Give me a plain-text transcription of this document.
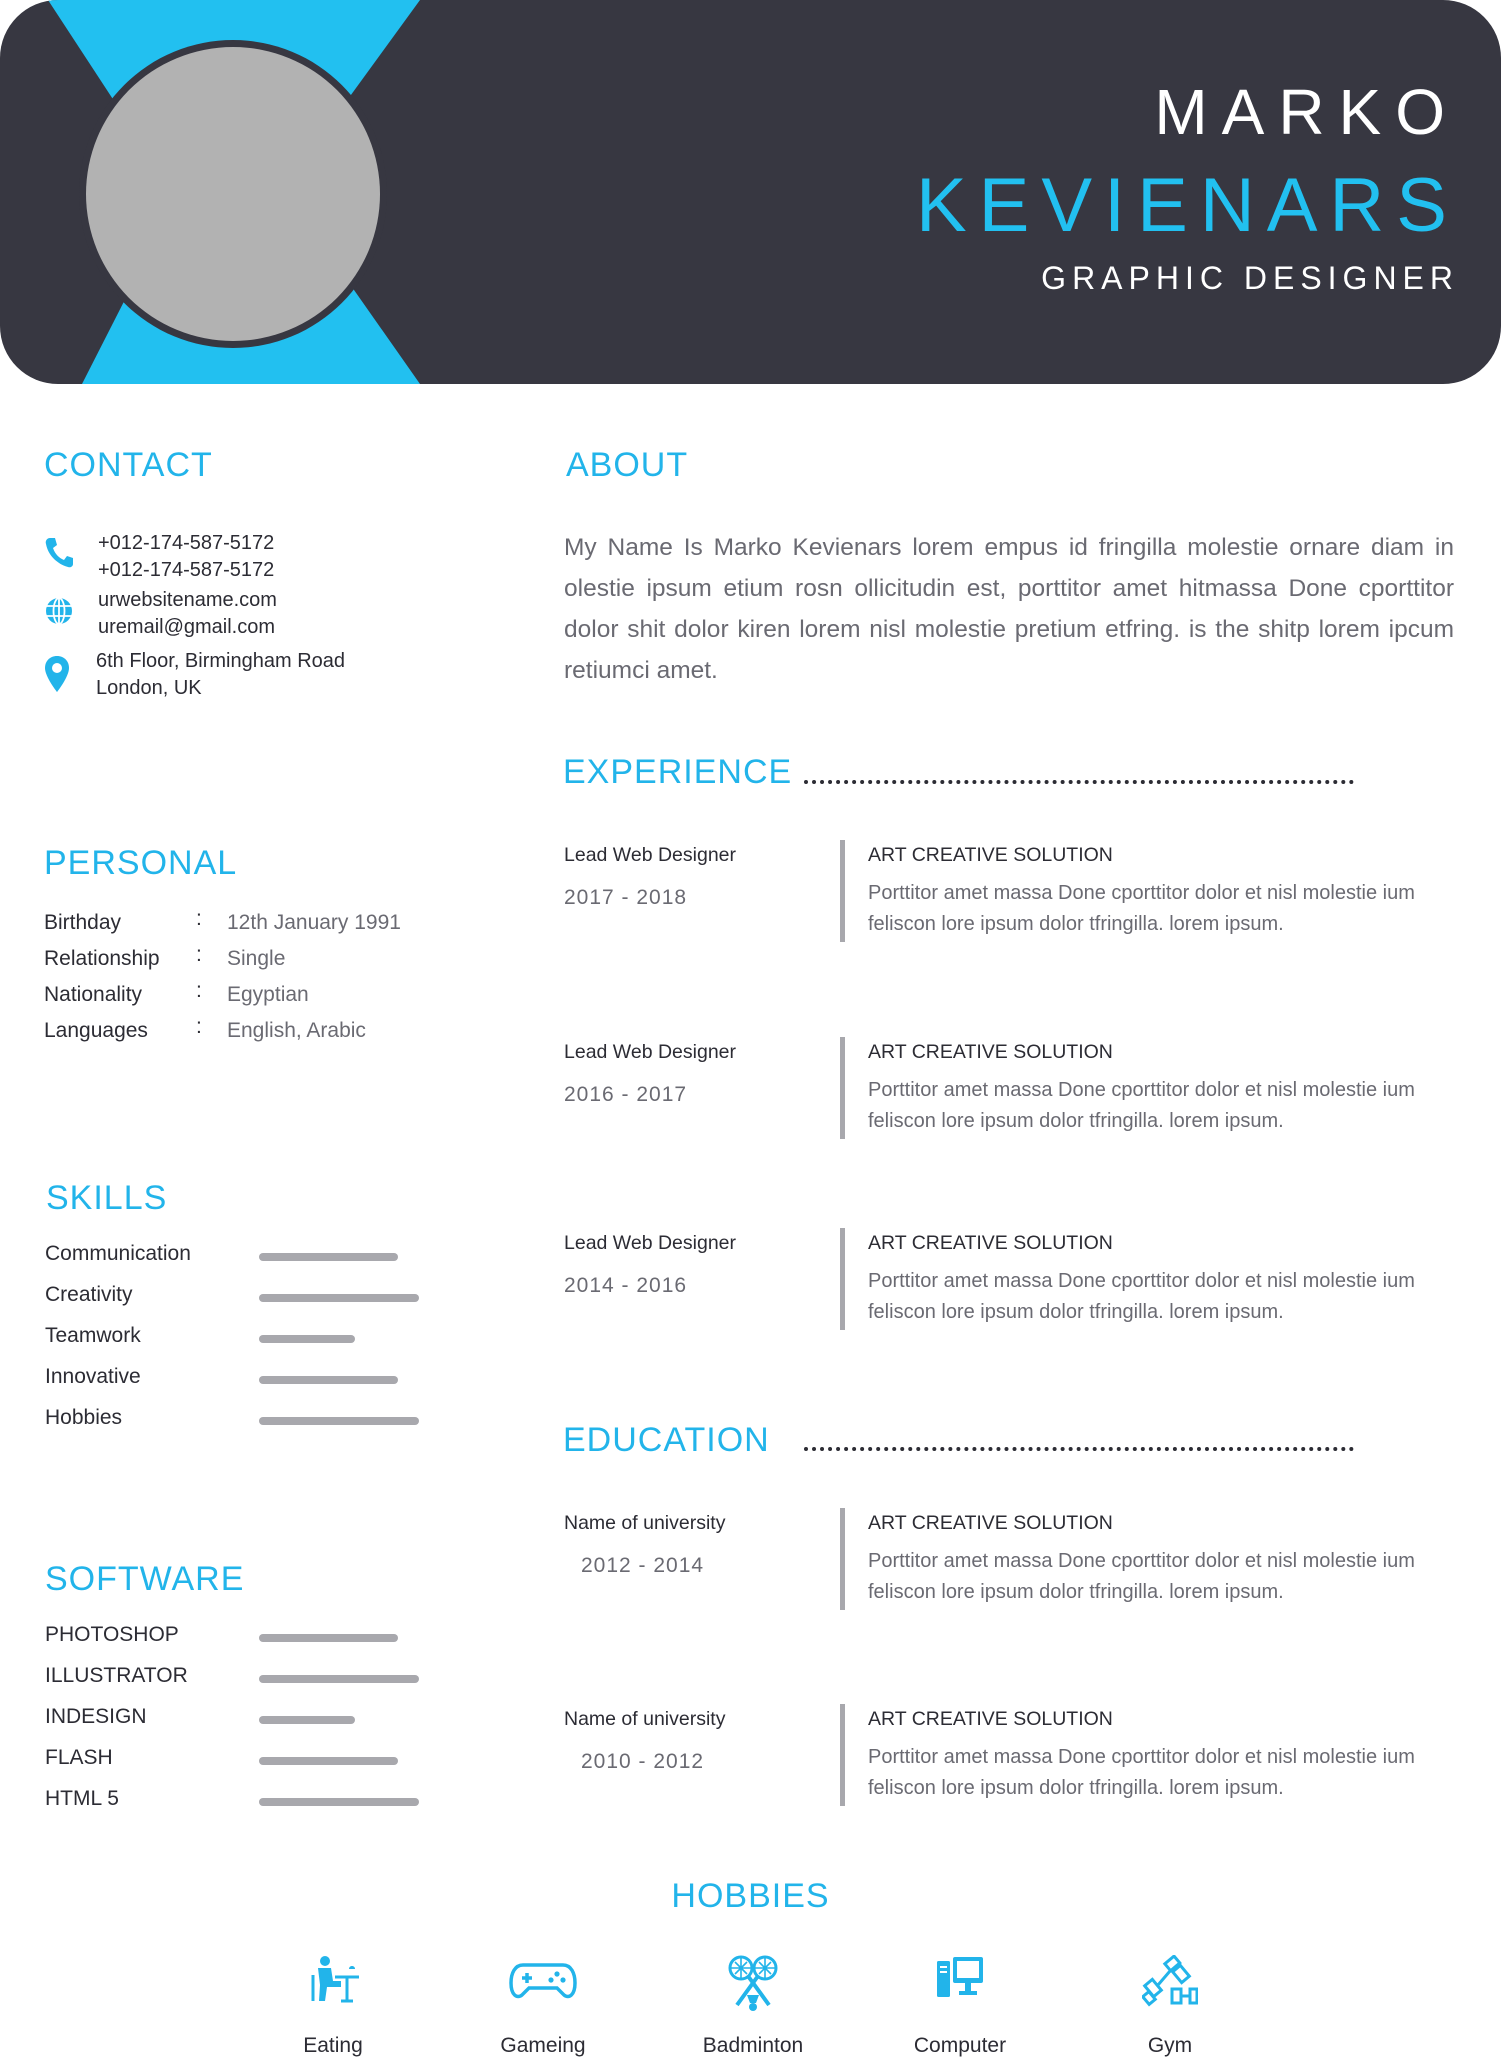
MARKO
KEVIENARS
GRAPHIC DESIGNER
CONTACT
+012-174-587-5172
+012-174-587-5172
urwebsitename.com
uremail@gmail.com
6th Floor, Birmingham Road
London, UK
PERSONAL
Birthday	: 12th January 1991
Relationship : Single
Nationality	: Egyptian
Languages : English, Arabic
SKILLS
Communication
Creativity
Teamwork
Innovative
Hobbies
SOFTWARE
PHOTOSHOP
ILLUSTRATOR
INDESIGN
FLASH
HTML 5
ABOUT
My Name Is Marko Kevienars lorem empus id fringilla molestie ornare diam in olestie ipsum etium rosn ollicitudin est, porttitor amet hitmassa Done cporttitor dolor shit dolor kiren lorem nisl molestie pretium etfring. is the shitp lorem ipcum retiumci amet.
EXPERIENCE
Lead Web Designer
2017 - 2018
ART CREATIVE SOLUTION
Porttitor amet massa Done cporttitor dolor et nisl molestie ium feliscon lore ipsum dolor tfringilla. lorem ipsum.
Lead Web Designer
2016 - 2017
ART CREATIVE SOLUTION
Porttitor amet massa Done cporttitor dolor et nisl molestie ium feliscon lore ipsum dolor tfringilla. lorem ipsum.
Lead Web Designer
2014 - 2016
ART CREATIVE SOLUTION
Porttitor amet massa Done cporttitor dolor et nisl molestie ium feliscon lore ipsum dolor tfringilla. lorem ipsum.
EDUCATION
Name of university
2012 - 2014
ART CREATIVE SOLUTION
Porttitor amet massa Done cporttitor dolor et nisl molestie ium feliscon lore ipsum dolor tfringilla. lorem ipsum.
Name of university
2010 - 2012
ART CREATIVE SOLUTION
Porttitor amet massa Done cporttitor dolor et nisl molestie ium feliscon lore ipsum dolor tfringilla. lorem ipsum.
HOBBIES
Eating	Gameing	Badminton	Computer	Gym
